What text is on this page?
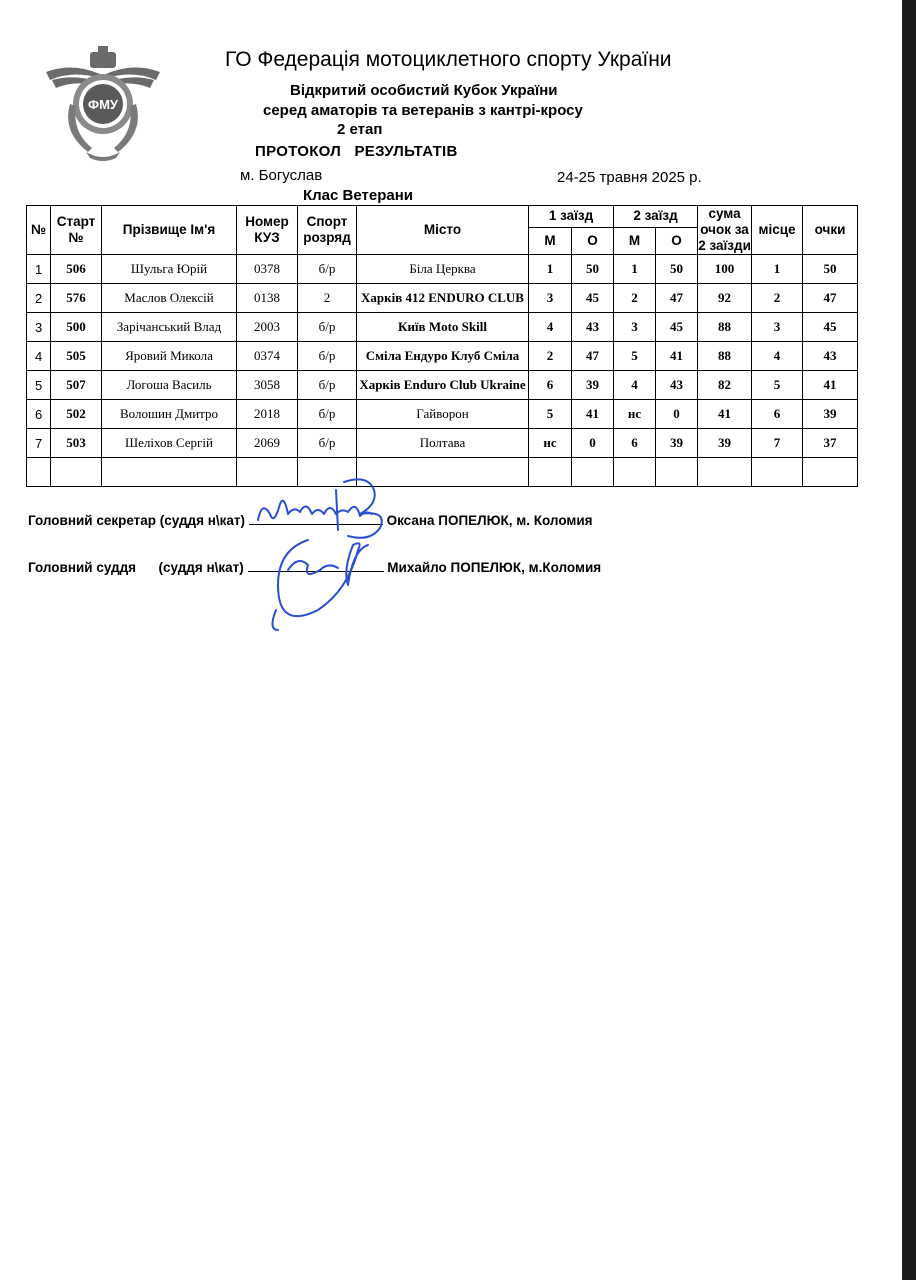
ФМУ
ГО Федерація мотоциклетного спорту України
Відкритий особистий Кубок України
серед аматорів та ветеранів з кантрі-кросу
2 етап
ПРОТОКОЛ   РЕЗУЛЬТАТІВ
м. Богуслав	24-25 травня 2025 р.
Клас Ветерани
№	Старт №	Прізвище Ім'я	Номер КУЗ	Спорт розряд	Місто	1 заїзд		2 заїзд		сума очок за 2 заїзди	місце	очки
						М	О	М	О			
1	506	Шульга Юрій	0378	б/р	Біла Церква	1	50	1	50	100	1	50
2	576	Маслов Олексій	0138	2	Харків 412 ENDURO CLUB	3	45	2	47	92	2	47
3	500	Зарічанський Влад	2003	б/р	Київ Moto Skill	4	43	3	45	88	3	45
4	505	Яровий Микола	0374	б/р	Сміла Ендуро Клуб Сміла	2	47	5	41	88	4	43
5	507	Логоша Василь	3058	б/р	Харків Enduro Club Ukraine	6	39	4	43	82	5	41
6	502	Волошин Дмитро	2018	б/р	Гайворон	5	41	нс	0	41	6	39
7	503	Шеліхов Сергій	2069	б/р	Полтава	нс	0	6	39	39	7	37

Головний секретар (суддя н\кат)	Оксана ПОПЕЛЮК, м. Коломия
Головний суддя      (суддя н\кат)	Михайло ПОПЕЛЮК, м.Коломия
